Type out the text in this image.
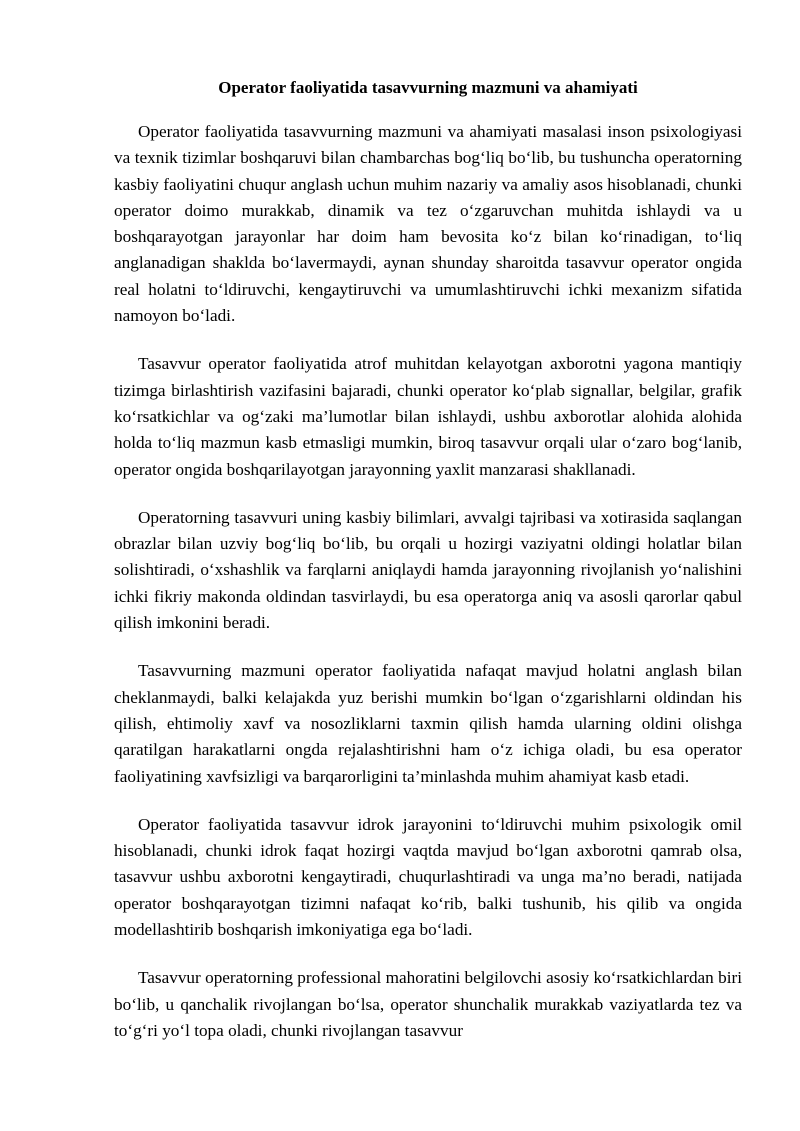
Operator faoliyatida tasavvurning mazmuni va ahamiyati

Operator faoliyatida tasavvurning mazmuni va ahamiyati masalasi inson psixologiyasi va texnik tizimlar boshqaruvi bilan chambarchas bog‘liq bo‘lib, bu tushuncha operatorning kasbiy faoliyatini chuqur anglash uchun muhim nazariy va amaliy asos hisoblanadi, chunki operator doimo murakkab, dinamik va tez o‘zgaruvchan muhitda ishlaydi va u boshqarayotgan jarayonlar har doim ham bevosita ko‘z bilan ko‘rinadigan, to‘liq anglanadigan shaklda bo‘lavermaydi, aynan shunday sharoitda tasavvur operator ongida real holatni to‘ldiruvchi, kengaytiruvchi va umumlashtiruvchi ichki mexanizm sifatida namoyon bo‘ladi.

Tasavvur operator faoliyatida atrof muhitdan kelayotgan axborotni yagona mantiqiy tizimga birlashtirish vazifasini bajaradi, chunki operator ko‘plab signallar, belgilar, grafik ko‘rsatkichlar va og‘zaki ma’lumotlar bilan ishlaydi, ushbu axborotlar alohida alohida holda to‘liq mazmun kasb etmasligi mumkin, biroq tasavvur orqali ular o‘zaro bog‘lanib, operator ongida boshqarilayotgan jarayonning yaxlit manzarasi shakllanadi.

Operatorning tasavvuri uning kasbiy bilimlari, avvalgi tajribasi va xotirasida saqlangan obrazlar bilan uzviy bog‘liq bo‘lib, bu orqali u hozirgi vaziyatni oldingi holatlar bilan solishtiradi, o‘xshashlik va farqlarni aniqlaydi hamda jarayonning rivojlanish yo‘nalishini ichki fikriy makonda oldindan tasvirlaydi, bu esa operatorga aniq va asosli qarorlar qabul qilish imkonini beradi.

Tasavvurning mazmuni operator faoliyatida nafaqat mavjud holatni anglash bilan cheklanmaydi, balki kelajakda yuz berishi mumkin bo‘lgan o‘zgarishlarni oldindan his qilish, ehtimoliy xavf va nosozliklarni taxmin qilish hamda ularning oldini olishga qaratilgan harakatlarni ongda rejalashtirishni ham o‘z ichiga oladi, bu esa operator faoliyatining xavfsizligi va barqarorligini ta’minlashda muhim ahamiyat kasb etadi.

Operator faoliyatida tasavvur idrok jarayonini to‘ldiruvchi muhim psixologik omil hisoblanadi, chunki idrok faqat hozirgi vaqtda mavjud bo‘lgan axborotni qamrab olsa, tasavvur ushbu axborotni kengaytiradi, chuqurlashtiradi va unga ma’no beradi, natijada operator boshqarayotgan tizimni nafaqat ko‘rib, balki tushunib, his qilib va ongida modellashtirib boshqarish imkoniyatiga ega bo‘ladi.

Tasavvur operatorning professional mahoratini belgilovchi asosiy ko‘rsatkichlardan biri bo‘lib, u qanchalik rivojlangan bo‘lsa, operator shunchalik murakkab vaziyatlarda tez va to‘g‘ri yo‘l topa oladi, chunki rivojlangan tasavvur
